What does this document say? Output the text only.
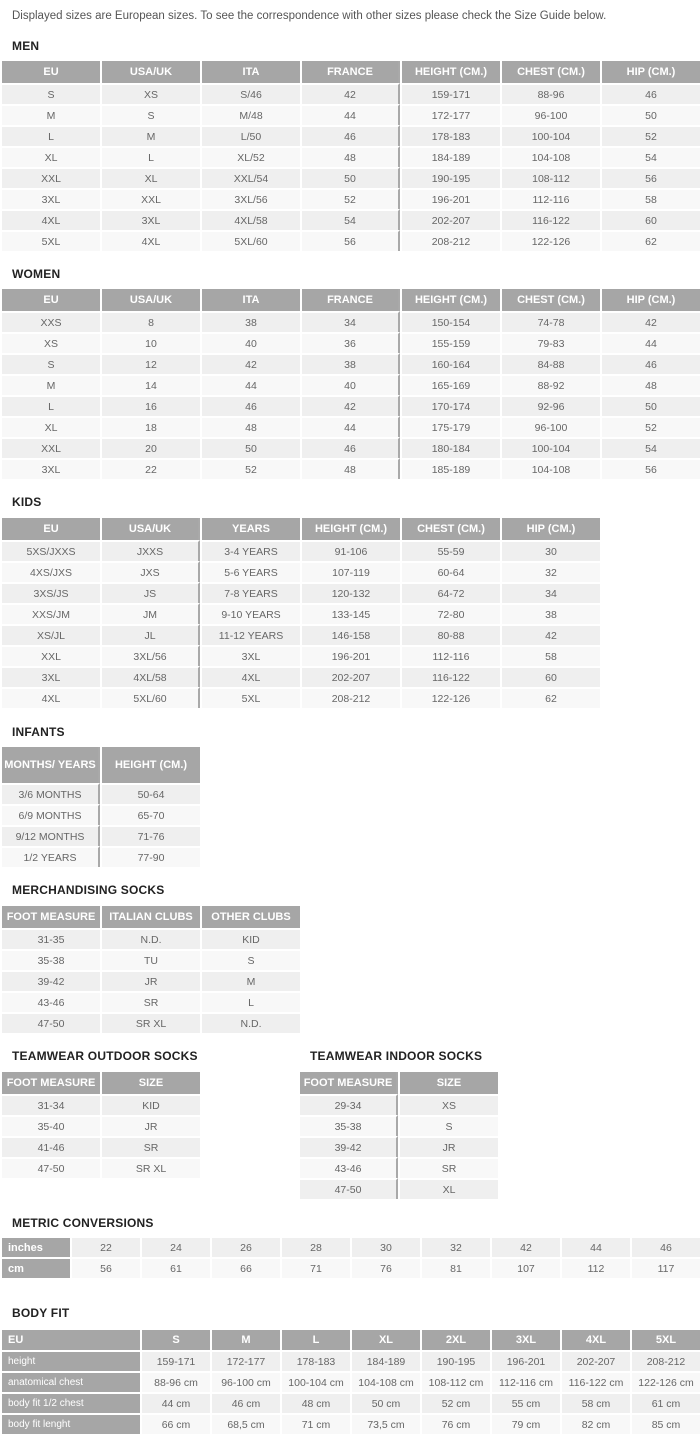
Displayed sizes are European sizes. To see the correspondence with other sizes please check the Size Guide below.
MEN
EU	USA/UK	ITA	FRANCE	HEIGHT (CM.)	CHEST (CM.)	HIP (CM.)
S	XS	S/46	42	159-171	88-96	46
M	S	M/48	44	172-177	96-100	50
L	M	L/50	46	178-183	100-104	52
XL	L	XL/52	48	184-189	104-108	54
XXL	XL	XXL/54	50	190-195	108-112	56
3XL	XXL	3XL/56	52	196-201	112-116	58
4XL	3XL	4XL/58	54	202-207	116-122	60
5XL	4XL	5XL/60	56	208-212	122-126	62
WOMEN
EU	USA/UK	ITA	FRANCE	HEIGHT (CM.)	CHEST (CM.)	HIP (CM.)
XXS	8	38	34	150-154	74-78	42
XS	10	40	36	155-159	79-83	44
S	12	42	38	160-164	84-88	46
M	14	44	40	165-169	88-92	48
L	16	46	42	170-174	92-96	50
XL	18	48	44	175-179	96-100	52
XXL	20	50	46	180-184	100-104	54
3XL	22	52	48	185-189	104-108	56
KIDS
EU	USA/UK	YEARS	HEIGHT (CM.)	CHEST (CM.)	HIP (CM.)
5XS/JXXS	JXXS	3-4 YEARS	91-106	55-59	30
4XS/JXS	JXS	5-6 YEARS	107-119	60-64	32
3XS/JS	JS	7-8 YEARS	120-132	64-72	34
XXS/JM	JM	9-10 YEARS	133-145	72-80	38
XS/JL	JL	11-12 YEARS	146-158	80-88	42
XXL	3XL/56	3XL	196-201	112-116	58
3XL	4XL/58	4XL	202-207	116-122	60
4XL	5XL/60	5XL	208-212	122-126	62
INFANTS
MONTHS/ YEARS	HEIGHT (CM.)
3/6 MONTHS	50-64
6/9 MONTHS	65-70
9/12 MONTHS	71-76
1/2 YEARS	77-90
MERCHANDISING SOCKS
FOOT MEASURE	ITALIAN CLUBS	OTHER CLUBS
31-35	N.D.	KID
35-38	TU	S
39-42	JR	M
43-46	SR	L
47-50	SR XL	N.D.
TEAMWEAR OUTDOOR SOCKS
FOOT MEASURE	SIZE
31-34	KID
35-40	JR
41-46	SR
47-50	SR XL
TEAMWEAR INDOOR SOCKS
FOOT MEASURE	SIZE
29-34	XS
35-38	S
39-42	JR
43-46	SR
47-50	XL
METRIC CONVERSIONS
inches	22	24	26	28	30	32	42	44	46
cm	56	61	66	71	76	81	107	112	117
BODY FIT
EU	S	M	L	XL	2XL	3XL	4XL	5XL
height	159-171	172-177	178-183	184-189	190-195	196-201	202-207	208-212
anatomical chest	88-96 cm	96-100 cm	100-104 cm	104-108 cm	108-112 cm	112-116 cm	116-122 cm	122-126 cm
body fit 1/2 chest	44 cm	46 cm	48 cm	50 cm	52 cm	55 cm	58 cm	61 cm
body fit lenght	66 cm	68,5 cm	71 cm	73,5 cm	76 cm	79 cm	82 cm	85 cm
